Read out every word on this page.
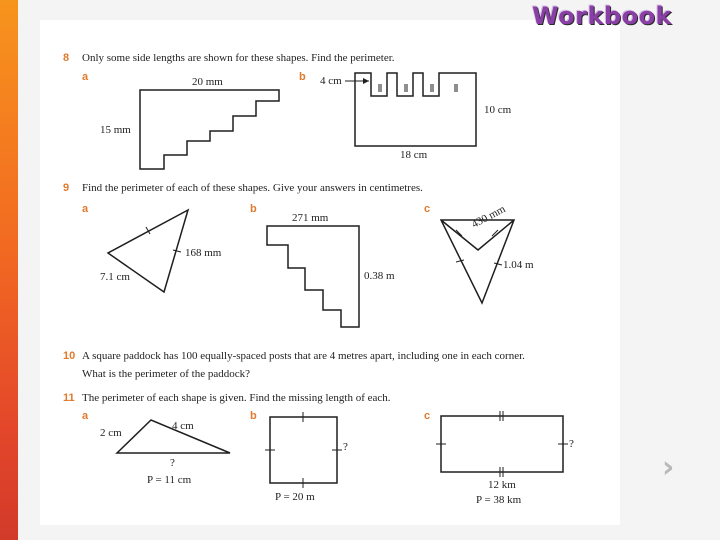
Workbook
›
8 Only some side lengths are shown for these shapes. Find the perimeter.
a	20 mm
15 mm
b 4 cm
10 cm
18 cm
9 Find the perimeter of each of these shapes. Give your answers in centimetres.
a
168 mm
7.1 cm
b
271 mm
0.38 m
c	430 mm
1.04 m
10 A square paddock has 100 equally-spaced posts that are 4 metres apart, including one in each corner.
What is the perimeter of the paddock?
11 The perimeter of each shape is given. Find the missing length of each.
a
2 cm
4 cm
?
P = 11 cm
b
?
P = 20 m
c
?
12 km
P = 38 km
